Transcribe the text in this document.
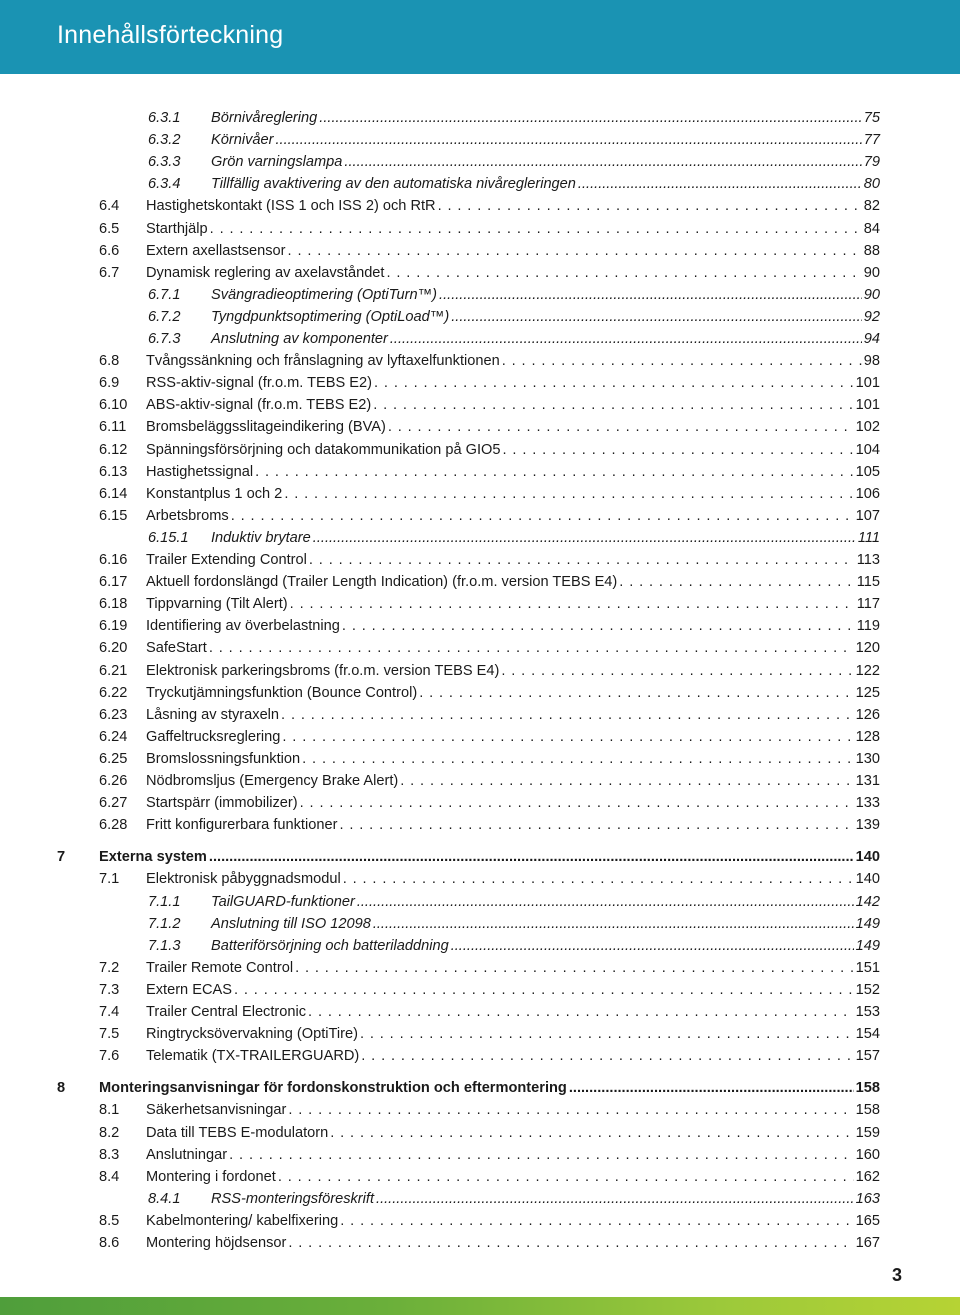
Innehållsförteckning
6.3.1 Börnivåreglering .....	75
6.3.2 Körnivåer .....	77
6.3.3 Grön varningslampa .....	79
6.3.4 Tillfällig avaktivering av den automatiska nivåregleringen .....	80
6.4 Hastighetskontakt (ISS 1 och ISS 2) och RtR . . .	82
6.5 Starthjälp . . .	84
6.6 Extern axellastsensor . . .	88
6.7 Dynamisk reglering av axelavståndet . . .	90
6.7.1 Svängradieoptimering (OptiTurn™) .....	90
6.7.2 Tyngdpunktsoptimering (OptiLoad™) .....	92
6.7.3 Anslutning av komponenter .....	94
6.8 Tvångssänkning och frånslagning av lyftaxelfunktionen . . .	98
6.9 RSS-aktiv-signal (fr.o.m. TEBS E2) . . .	101
6.10 ABS-aktiv-signal (fr.o.m. TEBS E2) . . .	101
6.11 Bromsbeläggsslitageindikering (BVA) . . .	102
6.12 Spänningsförsörjning och datakommunikation på GIO5 . . .	104
6.13 Hastighetssignal . . .	105
6.14 Konstantplus 1 och 2 . . .	106
6.15 Arbetsbroms . . .	107
6.15.1 Induktiv brytare .....	111
6.16 Trailer Extending Control . . .	113
6.17 Aktuell fordonslängd (Trailer Length Indication) (fr.o.m. version TEBS E4) . . .	115
6.18 Tippvarning (Tilt Alert) . . .	117
6.19 Identifiering av överbelastning . . .	119
6.20 SafeStart . . .	120
6.21 Elektronisk parkeringsbroms (fr.o.m. version TEBS E4) . . .	122
6.22 Tryckutjämningsfunktion (Bounce Control) . . .	125
6.23 Låsning av styraxeln . . .	126
6.24 Gaffeltrucksreglering . . .	128
6.25 Bromslossningsfunktion . . .	130
6.26 Nödbromsljus (Emergency Brake Alert) . . .	131
6.27 Startspärr (immobilizer) . . .	133
6.28 Fritt konfigurerbara funktioner . . .	139
7 Externa system .....	140
7.1 Elektronisk påbyggnadsmodul . . .	140
7.1.1 TailGUARD-funktioner .....	142
7.1.2 Anslutning till ISO 12098 .....	149
7.1.3 Batteriförsörjning och batteriladdning .....	149
7.2 Trailer Remote Control . . .	151
7.3 Extern ECAS . . .	152
7.4 Trailer Central Electronic . . .	153
7.5 Ringtrycksövervakning (OptiTire) . . .	154
7.6 Telematik (TX-TRAILERGUARD) . . .	157
8 Monteringsanvisningar för fordonskonstruktion och eftermontering .....	158
8.1 Säkerhetsanvisningar . . .	158
8.2 Data till TEBS E-modulatorn . . .	159
8.3 Anslutningar . . .	160
8.4 Montering i fordonet . . .	162
8.4.1 RSS-monteringsföreskrift .....	163
8.5 Kabelmontering/ kabelfixering . . .	165
8.6 Montering höjdsensor . . .	167
3
